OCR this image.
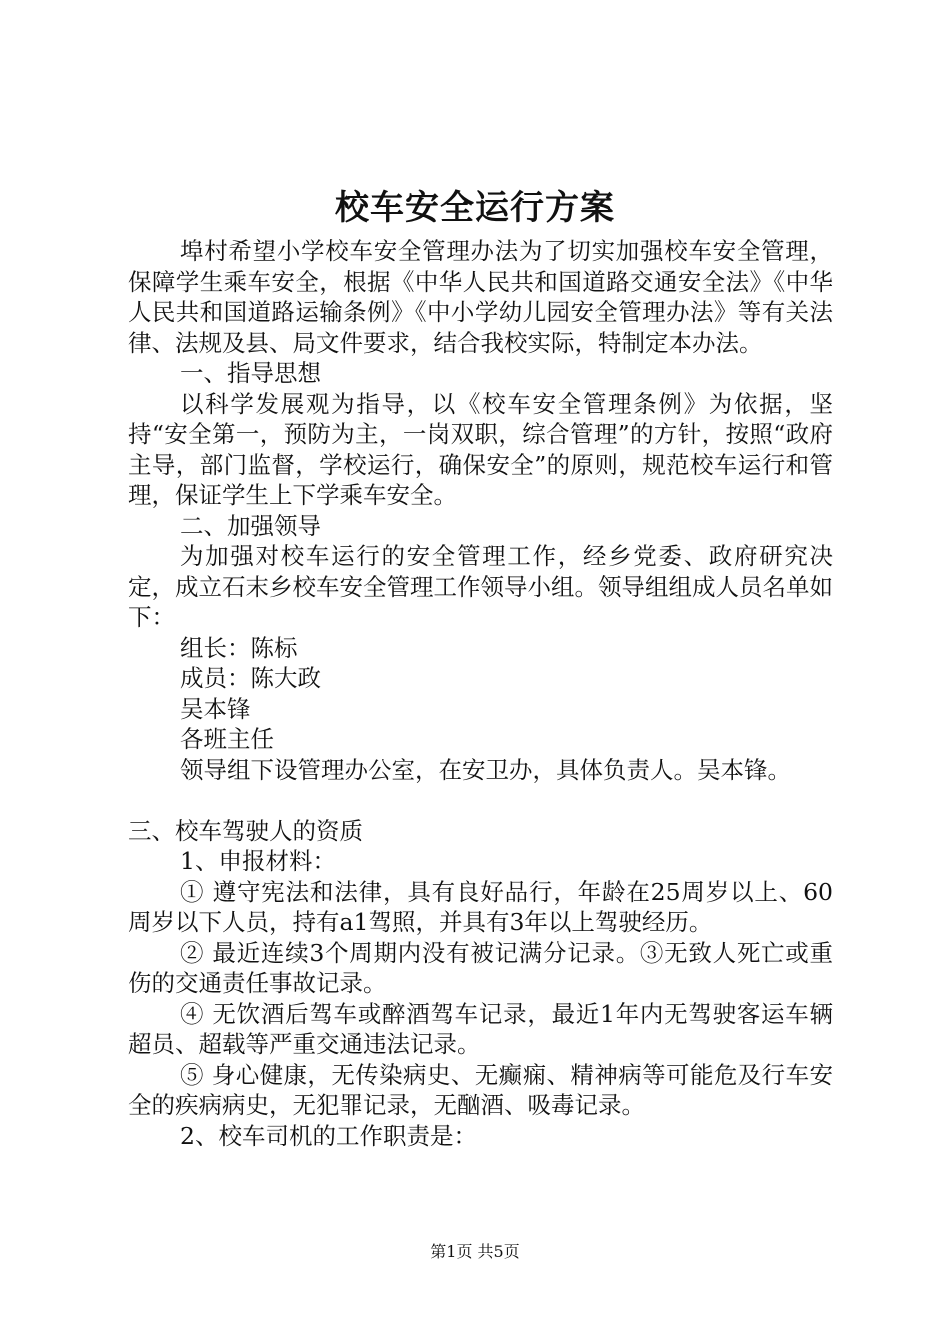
校车安全运行方案

埠村希望小学校车安全管理办法为了切实加强校车安全管理，保障学生乘车安全，根据《中华人民共和国道路交通安全法》《中华人民共和国道路运输条例》《中小学幼儿园安全管理办法》等有关法律、法规及县、局文件要求，结合我校实际，特制定本办法。

一、指导思想

以科学发展观为指导，以《校车安全管理条例》为依据，坚持“安全第一，预防为主，一岗双职，综合管理”的方针，按照“政府主导，部门监督，学校运行，确保安全”的原则，规范校车运行和管理，保证学生上下学乘车安全。

二、加强领导

为加强对校车运行的安全管理工作，经乡党委、政府研究决定，成立石末乡校车安全管理工作领导小组。领导组组成人员名单如下：

组长：陈标

成员：陈大政

吴本锋

各班主任

领导组下设管理办公室，在安卫办，具体负责人。吴本锋。

三、校车驾驶人的资质

1、申报材料：

① 遵守宪法和法律，具有良好品行，年龄在25周岁以上、60周岁以下人员，持有a1驾照，并具有3年以上驾驶经历。

② 最近连续3个周期内没有被记满分记录。③无致人死亡或重伤的交通责任事故记录。

④ 无饮酒后驾车或醉酒驾车记录，最近1年内无驾驶客运车辆超员、超载等严重交通违法记录。

⑤ 身心健康，无传染病史、无癫痫、精神病等可能危及行车安全的疾病病史，无犯罪记录，无酗酒、吸毒记录。

2、校车司机的工作职责是：

第1页 共5页
